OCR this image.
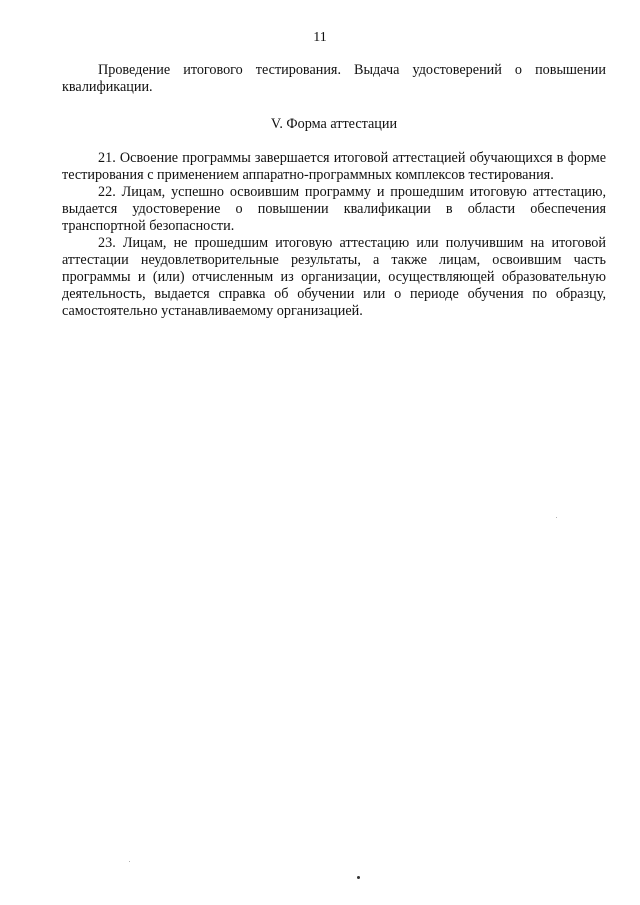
11

Проведение итогового тестирования. Выдача удостоверений о повышении квалификации.

V. Форма аттестации

21. Освоение программы завершается итоговой аттестацией обучающихся в форме тестирования с применением аппаратно-программных комплексов тестирования.

22. Лицам, успешно освоившим программу и прошедшим итоговую аттестацию, выдается удостоверение о повышении квалификации в области обеспечения транспортной безопасности.

23. Лицам, не прошедшим итоговую аттестацию или получившим на итоговой аттестации неудовлетворительные результаты, а также лицам, освоившим часть программы и (или) отчисленным из организации, осуществляющей образовательную деятельность, выдается справка об обучении или о периоде обучения по образцу, самостоятельно устанавливаемому организацией.
